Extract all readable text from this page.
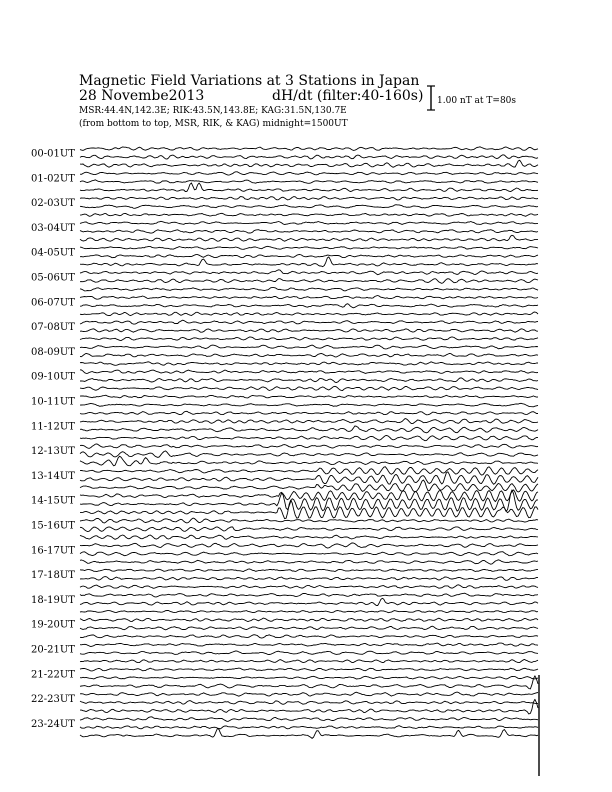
Magnetic Field Variations at 3 Stations in Japan
28 Novembe2013	dH/dt (filter:40-160s)
MSR:44.4N,142.3E; RIK:43.5N,143.8E; KAG:31.5N,130.7E
(from bottom to top, MSR, RIK, & KAG) midnight=1500UT
1.00 nT at T=80s
00-01UT
01-02UT
02-03UT
03-04UT
04-05UT
05-06UT
06-07UT
07-08UT
08-09UT
09-10UT
10-11UT
11-12UT
12-13UT
13-14UT
14-15UT
15-16UT
16-17UT
17-18UT
18-19UT
19-20UT
20-21UT
21-22UT
22-23UT
23-24UT
